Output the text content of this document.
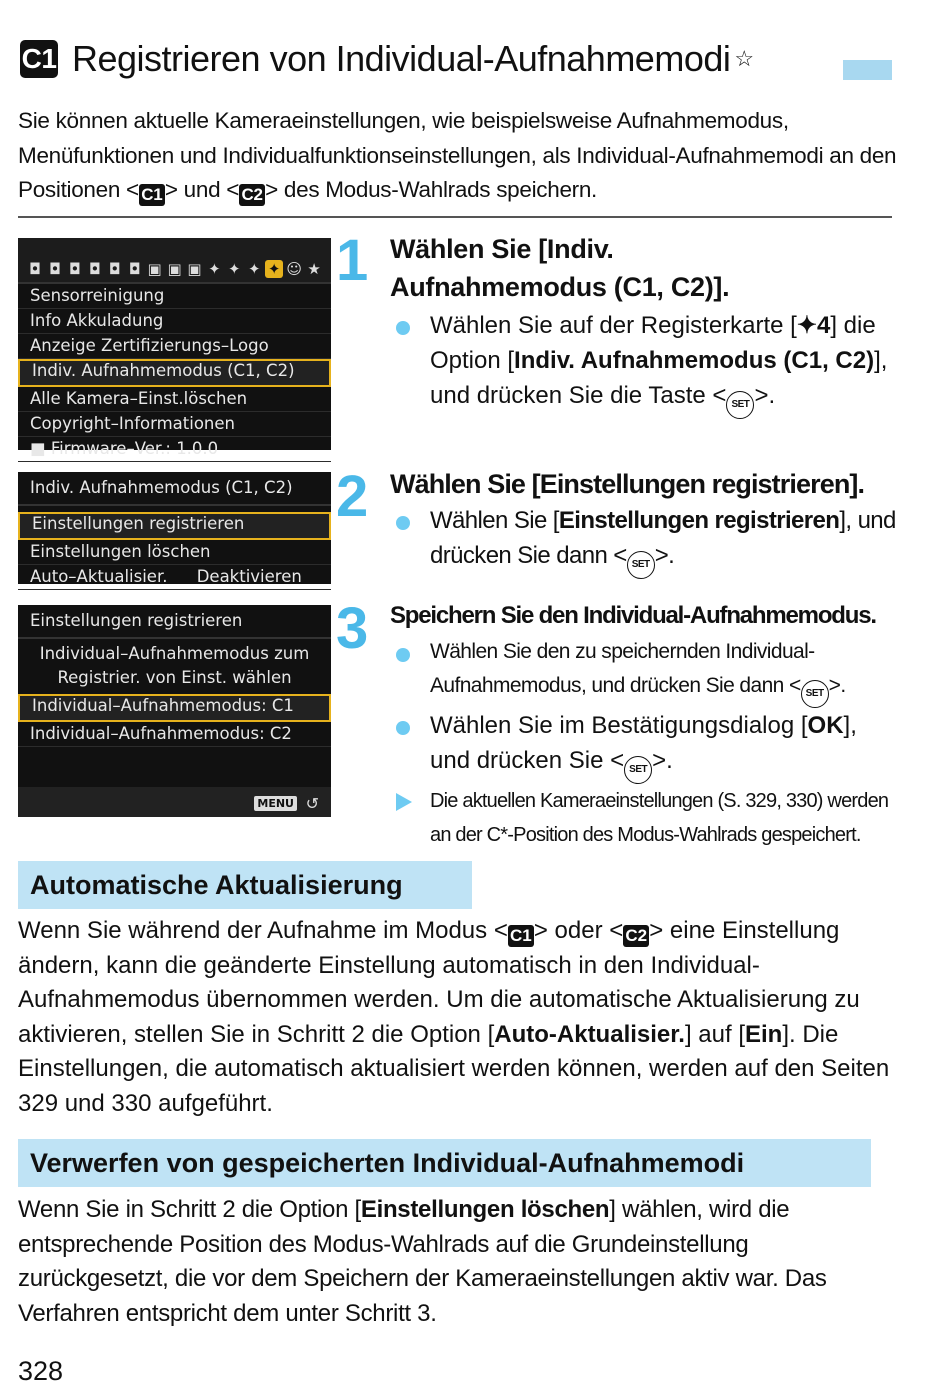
C1 Registrieren von Individual-Aufnahmemodi ☆
Sie können aktuelle Kameraeinstellungen, wie beispielsweise Aufnahmemodus, Menüfunktionen und Individualfunktionseinstellungen, als Individual-Aufnahmemodi an den Positionen < C1 > und < C2 > des Modus-Wahlrads speichern.
◘ ◘ ◘ ◘ ◘ ◘ ▣ ▣ ▣ ✦ ✦ ✦ ✦ ☺ ★
Sensorreinigung
Info Akkuladung
Anzeige Zertifizierungs–Logo
Indiv. Aufnahmemodus (C1, C2)
Alle Kamera–Einst.löschen
Copyright–Informationen
■ Firmware–Ver.: 1.0.0
Indiv. Aufnahmemodus (C1, C2)
Einstellungen registrieren
Einstellungen löschen
Auto–Aktualisier. Deaktivieren
Einstellungen registrieren
Individual–Aufnahmemodus zum
Registrier. von Einst. wählen
Individual–Aufnahmemodus: C1
Individual–Aufnahmemodus: C2
MENU ↺
1 Wählen Sie [Indiv. Aufnahmemodus (C1, C2)].
Wählen Sie auf der Registerkarte [✦4] die Option [Indiv. Aufnahmemodus (C1, C2)], und drücken Sie die Taste < SET >.
2 Wählen Sie [Einstellungen registrieren].
Wählen Sie [Einstellungen registrieren], und drücken Sie dann < SET >.
3 Speichern Sie den Individual-Aufnahmemodus.
Wählen Sie den zu speichernden Individual-Aufnahmemodus, und drücken Sie dann < SET >.
Wählen Sie im Bestätigungsdialog [OK], und drücken Sie < SET >.
Die aktuellen Kameraeinstellungen (S. 329, 330) werden an der C*-Position des Modus-Wahlrads gespeichert.
Automatische Aktualisierung
Wenn Sie während der Aufnahme im Modus < C1> oder < C2> eine Einstellung ändern, kann die geänderte Einstellung automatisch in den Individual-Aufnahmemodus übernommen werden. Um die automatische Aktualisierung zu aktivieren, stellen Sie in Schritt 2 die Option [Auto-Aktualisier.] auf [Ein]. Die Einstellungen, die automatisch aktualisiert werden können, werden auf den Seiten 329 und 330 aufgeführt.
Verwerfen von gespeicherten Individual-Aufnahmemodi
Wenn Sie in Schritt 2 die Option [Einstellungen löschen] wählen, wird die entsprechende Position des Modus-Wahlrads auf die Grundeinstellung zurückgesetzt, die vor dem Speichern der Kameraeinstellungen aktiv war. Das Verfahren entspricht dem unter Schritt 3.
328
